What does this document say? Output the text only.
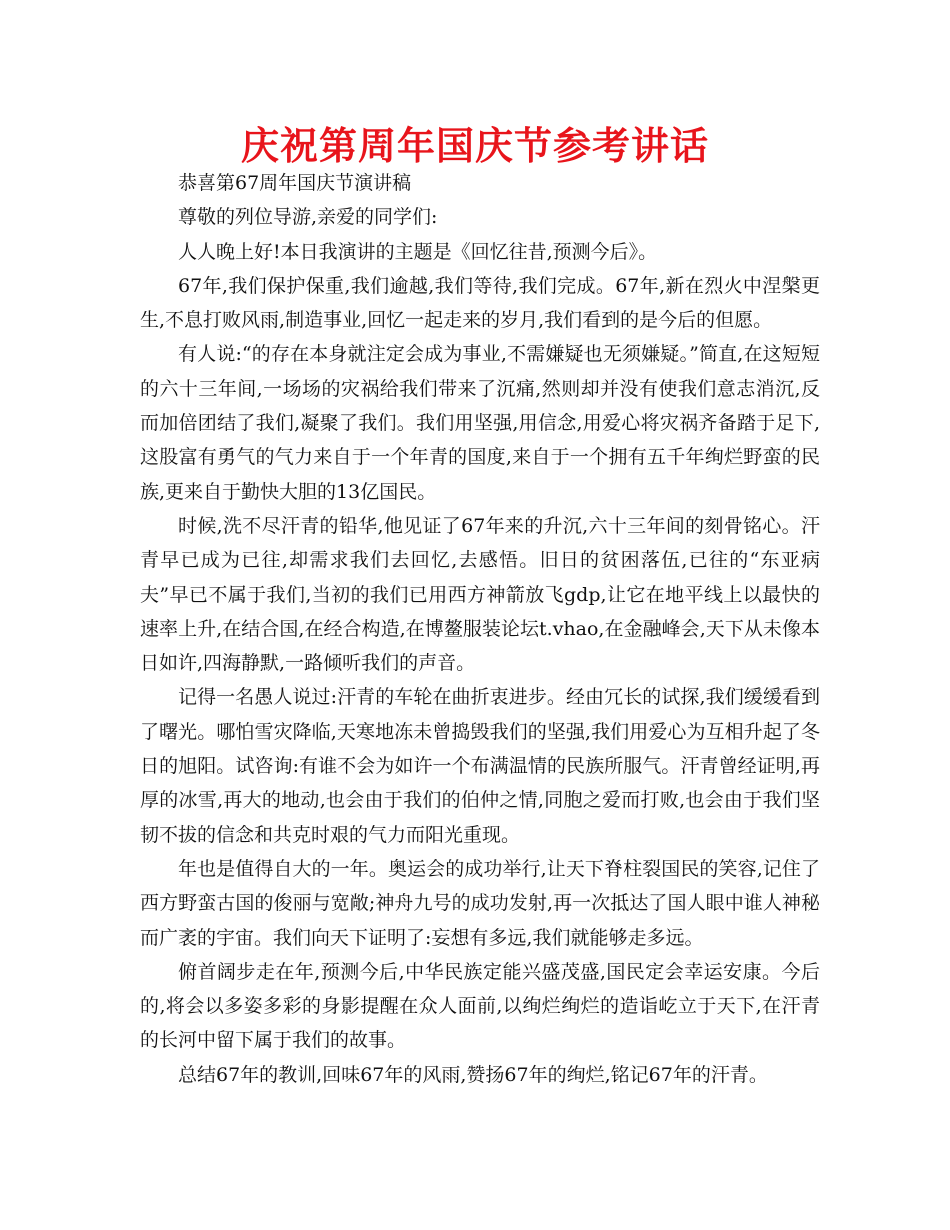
庆祝第周年国庆节参考讲话

恭喜第67周年国庆节演讲稿

尊敬的列位导游,亲爱的同学们:

人人晚上好!本日我演讲的主题是《回忆往昔,预测今后》。

67年,我们保护保重,我们逾越,我们等待,我们完成。67年,新在烈火中涅槃更生,不息打败风雨,制造事业,回忆一起走来的岁月,我们看到的是今后的但愿。

有人说:“的存在本身就注定会成为事业,不需嫌疑也无须嫌疑。”简直,在这短短的六十三年间,一场场的灾祸给我们带来了沉痛,然则却并没有使我们意志消沉,反而加倍团结了我们,凝聚了我们。我们用坚强,用信念,用爱心将灾祸齐备踏于足下,这股富有勇气的气力来自于一个年青的国度,来自于一个拥有五千年绚烂野蛮的民族,更来自于勤快大胆的13亿国民。

时候,洗不尽汗青的铅华,他见证了67年来的升沉,六十三年间的刻骨铭心。汗青早已成为已往,却需求我们去回忆,去感悟。旧日的贫困落伍,已往的“东亚病夫”早已不属于我们,当初的我们已用西方神箭放飞gdp,让它在地平线上以最快的速率上升,在结合国,在经合构造,在博鳌服装论坛t.vhao,在金融峰会,天下从未像本日如许,四海静默,一路倾听我们的声音。

记得一名愚人说过:汗青的车轮在曲折衷进步。经由冗长的试探,我们缓缓看到了曙光。哪怕雪灾降临,天寒地冻未曾捣毁我们的坚强,我们用爱心为互相升起了冬日的旭阳。试咨询:有谁不会为如许一个布满温情的民族所服气。汗青曾经证明,再厚的冰雪,再大的地动,也会由于我们的伯仲之情,同胞之爱而打败,也会由于我们坚韧不拔的信念和共克时艰的气力而阳光重现。

年也是值得自大的一年。奥运会的成功举行,让天下脊柱裂国民的笑容,记住了西方野蛮古国的俊丽与宽敞;神舟九号的成功发射,再一次抵达了国人眼中谁人神秘而广袤的宇宙。我们向天下证明了:妄想有多远,我们就能够走多远。

俯首阔步走在年,预测今后,中华民族定能兴盛茂盛,国民定会幸运安康。今后的,将会以多姿多彩的身影提醒在众人面前,以绚烂绚烂的造诣屹立于天下,在汗青的长河中留下属于我们的故事。

总结67年的教训,回味67年的风雨,赞扬67年的绚烂,铭记67年的汗青。
